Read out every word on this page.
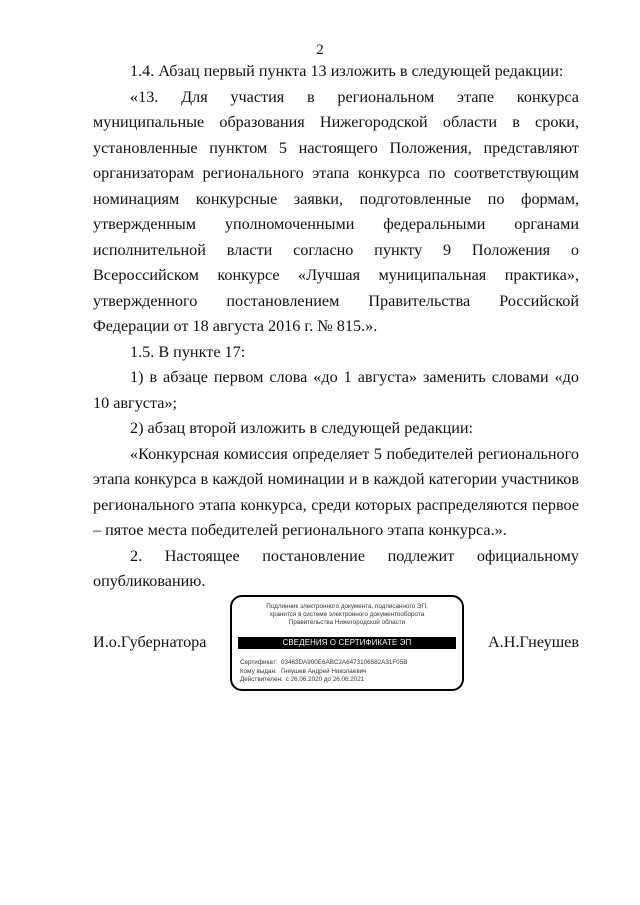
2

1.4. Абзац первый пункта 13 изложить в следующей редакции:

«13. Для участия в региональном этапе конкурса муниципальные образования Нижегородской области в сроки, установленные пунктом 5 настоящего Положения, представляют организаторам регионального этапа конкурса по соответствующим номинациям конкурсные заявки, подготовленные по формам, утвержденным уполномоченными федеральными органами исполнительной власти согласно пункту 9 Положения о Всероссийском конкурсе «Лучшая муниципальная практика», утвержденного постановлением Правительства Российской Федерации от 18 августа 2016 г. № 815.».

1.5. В пункте 17:

1) в абзаце первом слова «до 1 августа» заменить словами «до 10 августа»;

2) абзац второй изложить в следующей редакции:

«Конкурсная комиссия определяет 5 победителей регионального этапа конкурса в каждой номинации и в каждой категории участников регионального этапа конкурса, среди которых распределяются первое – пятое места победителей регионального этапа конкурса.».

2. Настоящее постановление подлежит официальному опубликованию.

И.о.Губернатора
Подлинник электронного документа, подписанного ЭП,
хранится в системе электронного документооборота
Правительства Нижегородской области
СВЕДЕНИЯ О СЕРТИФИКАТЕ ЭП
Сертификат: 03463DA900E6ABC2A6473106582A31F05B
Кому выдан: Гнеушев Андрей Николаевич
Действителен: с 26.06.2020 до 26.06.2021
А.Н.Гнеушев
